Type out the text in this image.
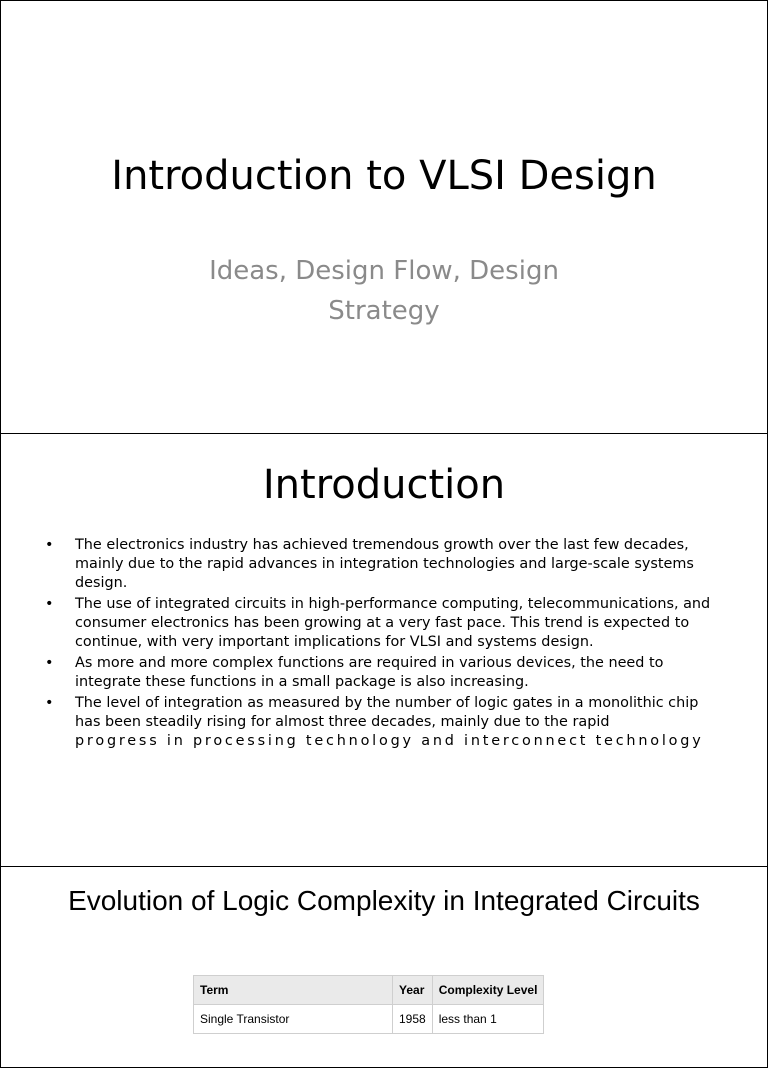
Introduction to VLSI Design
Ideas, Design Flow, Design Strategy
Introduction
• The electronics industry has achieved tremendous growth over the last few decades, mainly due to the rapid advances in integration technologies and large-scale systems design.
• The use of integrated circuits in high-performance computing, telecommunications, and consumer electronics has been growing at a very fast pace. This trend is expected to continue, with very important implications for VLSI and systems design.
• As more and more complex functions are required in various devices, the need to integrate these functions in a small package is also increasing.
• The level of integration as measured by the number of logic gates in a monolithic chip has been steadily rising for almost three decades, mainly due to the rapid
progress in processing technology and interconnect technology
Evolution of Logic Complexity in Integrated Circuits
Term	Year	Complexity Level
Single Transistor	1958	less than 1
